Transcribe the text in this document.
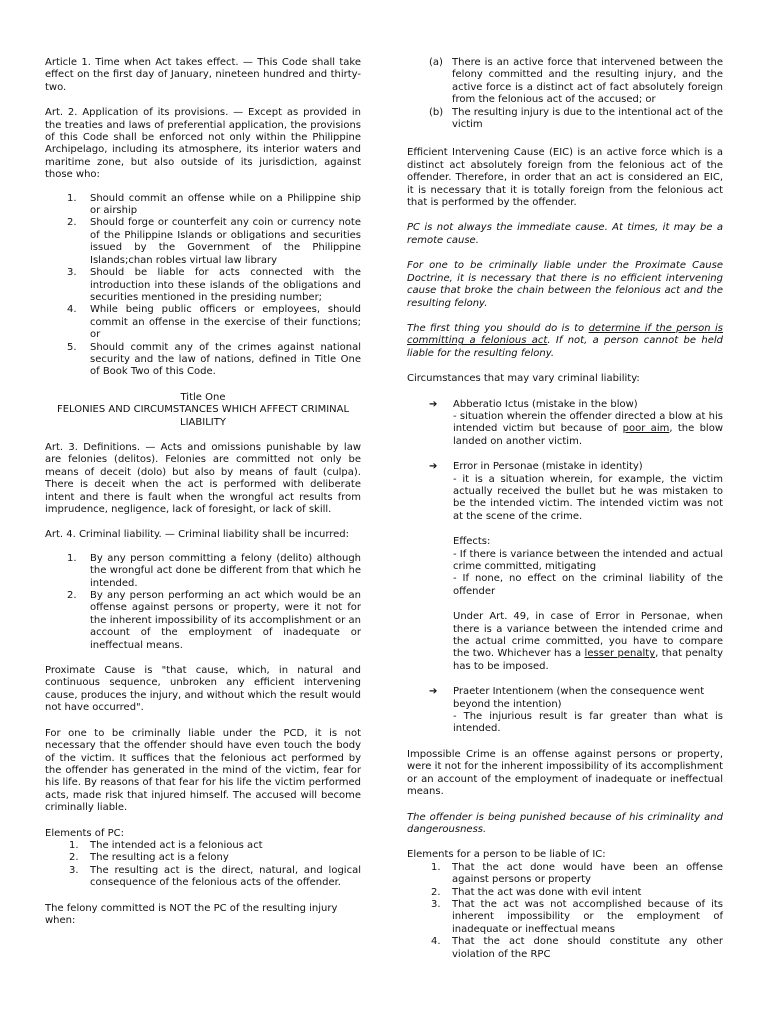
Article 1. Time when Act takes effect. — This Code shall take effect on the first day of January, nineteen hundred and thirty-two.

Art. 2. Application of its provisions. — Except as provided in the treaties and laws of preferential application, the provisions of this Code shall be enforced not only within the Philippine Archipelago, including its atmosphere, its interior waters and maritime zone, but also outside of its jurisdiction, against those who:

1. Should commit an offense while on a Philippine ship or airship
2. Should forge or counterfeit any coin or currency note of the Philippine Islands or obligations and securities issued by the Government of the Philippine Islands;chan robles virtual law library
3. Should be liable for acts connected with the introduction into these islands of the obligations and securities mentioned in the presiding number;
4. While being public officers or employees, should commit an offense in the exercise of their functions; or
5. Should commit any of the crimes against national security and the law of nations, defined in Title One of Book Two of this Code.

Title One

FELONIES AND CIRCUMSTANCES WHICH AFFECT CRIMINAL LIABILITY

Art. 3. Definitions. — Acts and omissions punishable by law are felonies (delitos). Felonies are committed not only be means of deceit (dolo) but also by means of fault (culpa). There is deceit when the act is performed with deliberate intent and there is fault when the wrongful act results from imprudence, negligence, lack of foresight, or lack of skill.

Art. 4. Criminal liability. — Criminal liability shall be incurred:

1. By any person committing a felony (delito) although the wrongful act done be different from that which he intended.
2. By any person performing an act which would be an offense against persons or property, were it not for the inherent impossibility of its accomplishment or an account of the employment of inadequate or ineffectual means.

Proximate Cause is "that cause, which, in natural and continuous sequence, unbroken any efficient intervening cause, produces the injury, and without which the result would not have occurred".

For one to be criminally liable under the PCD, it is not necessary that the offender should have even touch the body of the victim. It suffices that the felonious act performed by the offender has generated in the mind of the victim, fear for his life. By reasons of that fear for his life the victim performed acts, made risk that injured himself. The accused will become criminally liable.

Elements of PC:

1. The intended act is a felonious act
2. The resulting act is a felony
3. The resulting act is the direct, natural, and logical consequence of the felonious acts of the offender.

The felony committed is NOT the PC of the resulting injury when:

(a) There is an active force that intervened between the felony committed and the resulting injury, and the active force is a distinct act of fact absolutely foreign from the felonious act of the accused; or
(b) The resulting injury is due to the intentional act of the victim

Efficient Intervening Cause (EIC) is an active force which is a distinct act absolutely foreign from the felonious act of the offender. Therefore, in order that an act is considered an EIC, it is necessary that it is totally foreign from the felonious act that is performed by the offender.

PC is not always the immediate cause. At times, it may be a remote cause.

For one to be criminally liable under the Proximate Cause Doctrine, it is necessary that there is no efficient intervening cause that broke the chain between the felonious act and the resulting felony.

The first thing you should do is to determine if the person is committing a felonious act. If not, a person cannot be held liable for the resulting felony.

Circumstances that may vary criminal liability:

➔ Abberatio Ictus (mistake in the blow)

- situation wherein the offender directed a blow at his intended victim but because of poor aim, the blow landed on another victim.

➔ Error in Personae (mistake in identity)

- it is a situation wherein, for example, the victim actually received the bullet but he was mistaken to be the intended victim. The intended victim was not at the scene of the crime.

Effects:

- If there is variance between the intended and actual crime committed, mitigating

- If none, no effect on the criminal liability of the offender

Under Art. 49, in case of Error in Personae, when there is a variance between the intended crime and the actual crime committed, you have to compare the two. Whichever has a lesser penalty, that penalty has to be imposed.

➔ Praeter Intentionem (when the consequence went beyond the intention)

- The injurious result is far greater than what is intended.

Impossible Crime is an offense against persons or property, were it not for the inherent impossibility of its accomplishment or an account of the employment of inadequate or ineffectual means.

The offender is being punished because of his criminality and dangerousness.

Elements for a person to be liable of IC:

1. That the act done would have been an offense against persons or property
2. That the act was done with evil intent
3. That the act was not accomplished because of its inherent impossibility or the employment of inadequate or ineffectual means
4. That the act done should constitute any other violation of the RPC
